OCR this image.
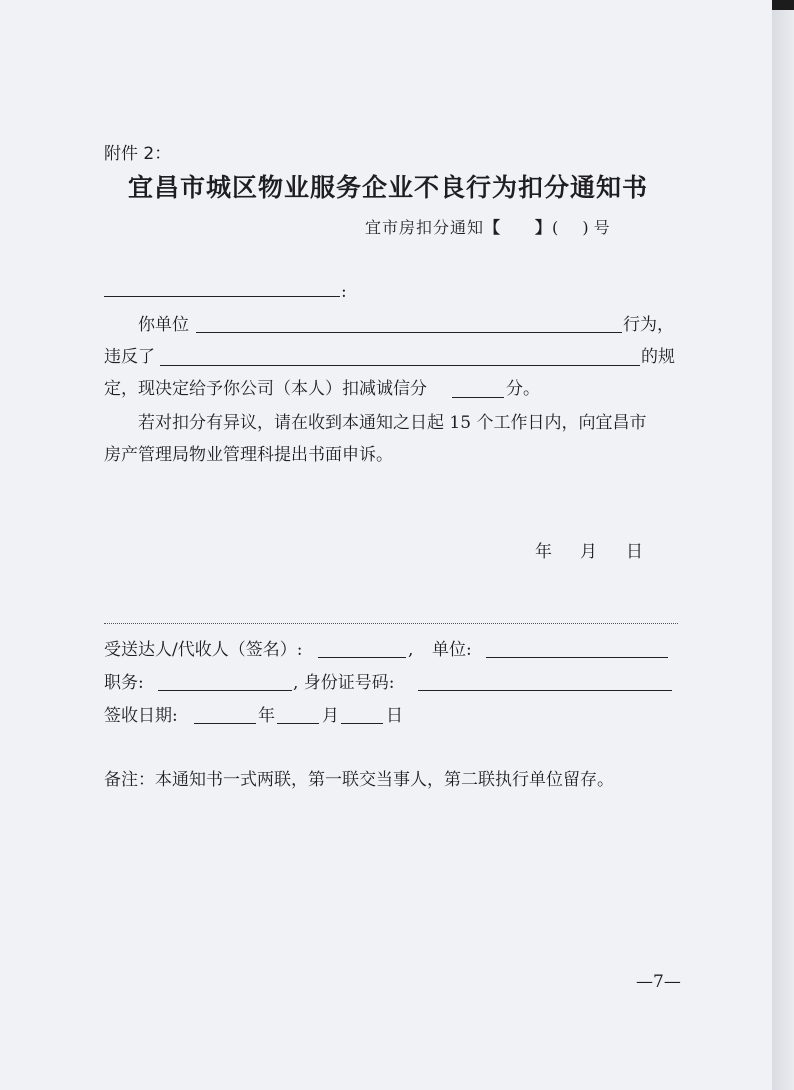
附件 2：
宜昌市城区物业服务企业不良行为扣分通知书
宜市房扣分通知【 】(　 ) 号
:
你单位	行为，
违反了	的规
定，现决定给予你公司（本人）扣减诚信分	分。
若对扣分有异议，请在收到本通知之日起 15 个工作日内，向宜昌市
房产管理局物业管理科提出书面申诉。
年 月 日
受送达人/代收人（签名）:	, 单位:
职务:	, 身份证号码:
签收日期:	年	月	日
备注：本通知书一式两联，第一联交当事人，第二联执行单位留存。
—7—
